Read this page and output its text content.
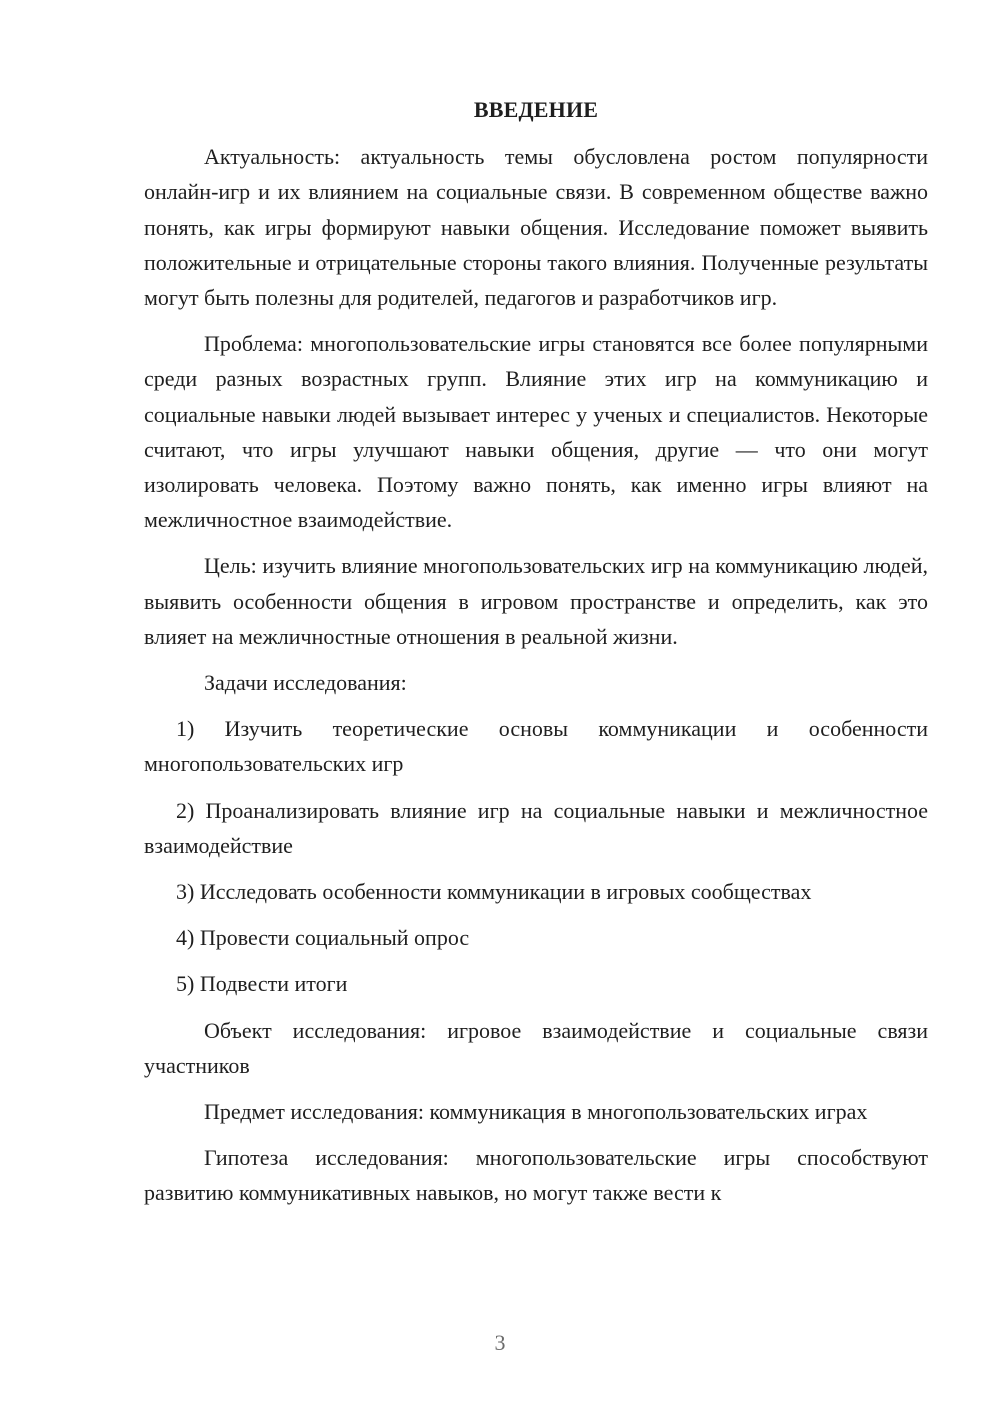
ВВЕДЕНИЕ

Актуальность: актуальность темы обусловлена ростом популярности онлайн-игр и их влиянием на социальные связи. В современном обществе важно понять, как игры формируют навыки общения. Исследование поможет выявить положительные и отрицательные стороны такого влияния. Полученные результаты могут быть полезны для родителей, педагогов и разработчиков игр.

Проблема: многопользовательские игры становятся все более популярными среди разных возрастных групп. Влияние этих игр на коммуникацию и социальные навыки людей вызывает интерес у ученых и специалистов. Некоторые считают, что игры улучшают навыки общения, другие — что они могут изолировать человека. Поэтому важно понять, как именно игры влияют на межличностное взаимодействие.

Цель: изучить влияние многопользовательских игр на коммуникацию людей, выявить особенности общения в игровом пространстве и определить, как это влияет на межличностные отношения в реальной жизни.

Задачи исследования:

1) Изучить теоретические основы коммуникации и особенности многопользовательских игр

2) Проанализировать влияние игр на социальные навыки и межличностное взаимодействие

3) Исследовать особенности коммуникации в игровых сообществах

4) Провести социальный опрос

5) Подвести итоги

Объект исследования: игровое взаимодействие и социальные связи участников

Предмет исследования: коммуникация в многопользовательских играх

Гипотеза исследования: многопользовательские игры способствуют развитию коммуникативных навыков, но могут также вести к

3
